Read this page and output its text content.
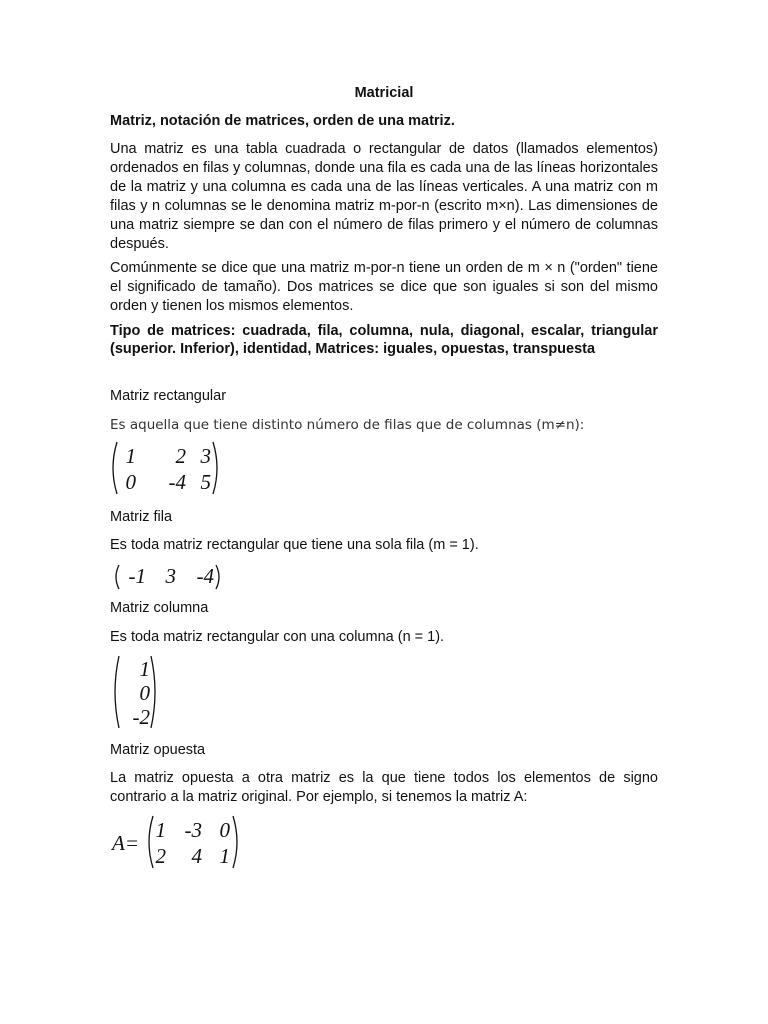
Matricial

Matriz, notación de matrices, orden de una matriz.

Una matriz es una tabla cuadrada o rectangular de datos (llamados elementos) ordenados en filas y columnas, donde una fila es cada una de las líneas horizontales de la matriz y una columna es cada una de las líneas verticales. A una matriz con m filas y n columnas se le denomina matriz m-por-n (escrito m×n). Las dimensiones de una matriz siempre se dan con el número de filas primero y el número de columnas después.

Comúnmente se dice que una matriz m-por-n tiene un orden de m × n ("orden" tiene el significado de tamaño). Dos matrices se dice que son iguales si son del mismo orden y tienen los mismos elementos.

Tipo de matrices: cuadrada, fila, columna, nula, diagonal, escalar, triangular (superior. Inferior), identidad, Matrices: iguales, opuestas, transpuesta

Matriz rectangular

Es aquella que tiene distinto número de filas que de columnas (m≠n):

1	2 3
0	-4 5

Matriz fila

Es toda matriz rectangular que tiene una sola fila (m = 1).

-1 3 -4

Matriz columna

Es toda matriz rectangular con una columna (n = 1).

1
0
-2

Matriz opuesta

La matriz opuesta a otra matriz es la que tiene todos los elementos de signo contrario a la matriz original. Por ejemplo, si tenemos la matriz A:

A=
1 -3 0
2	4 1
